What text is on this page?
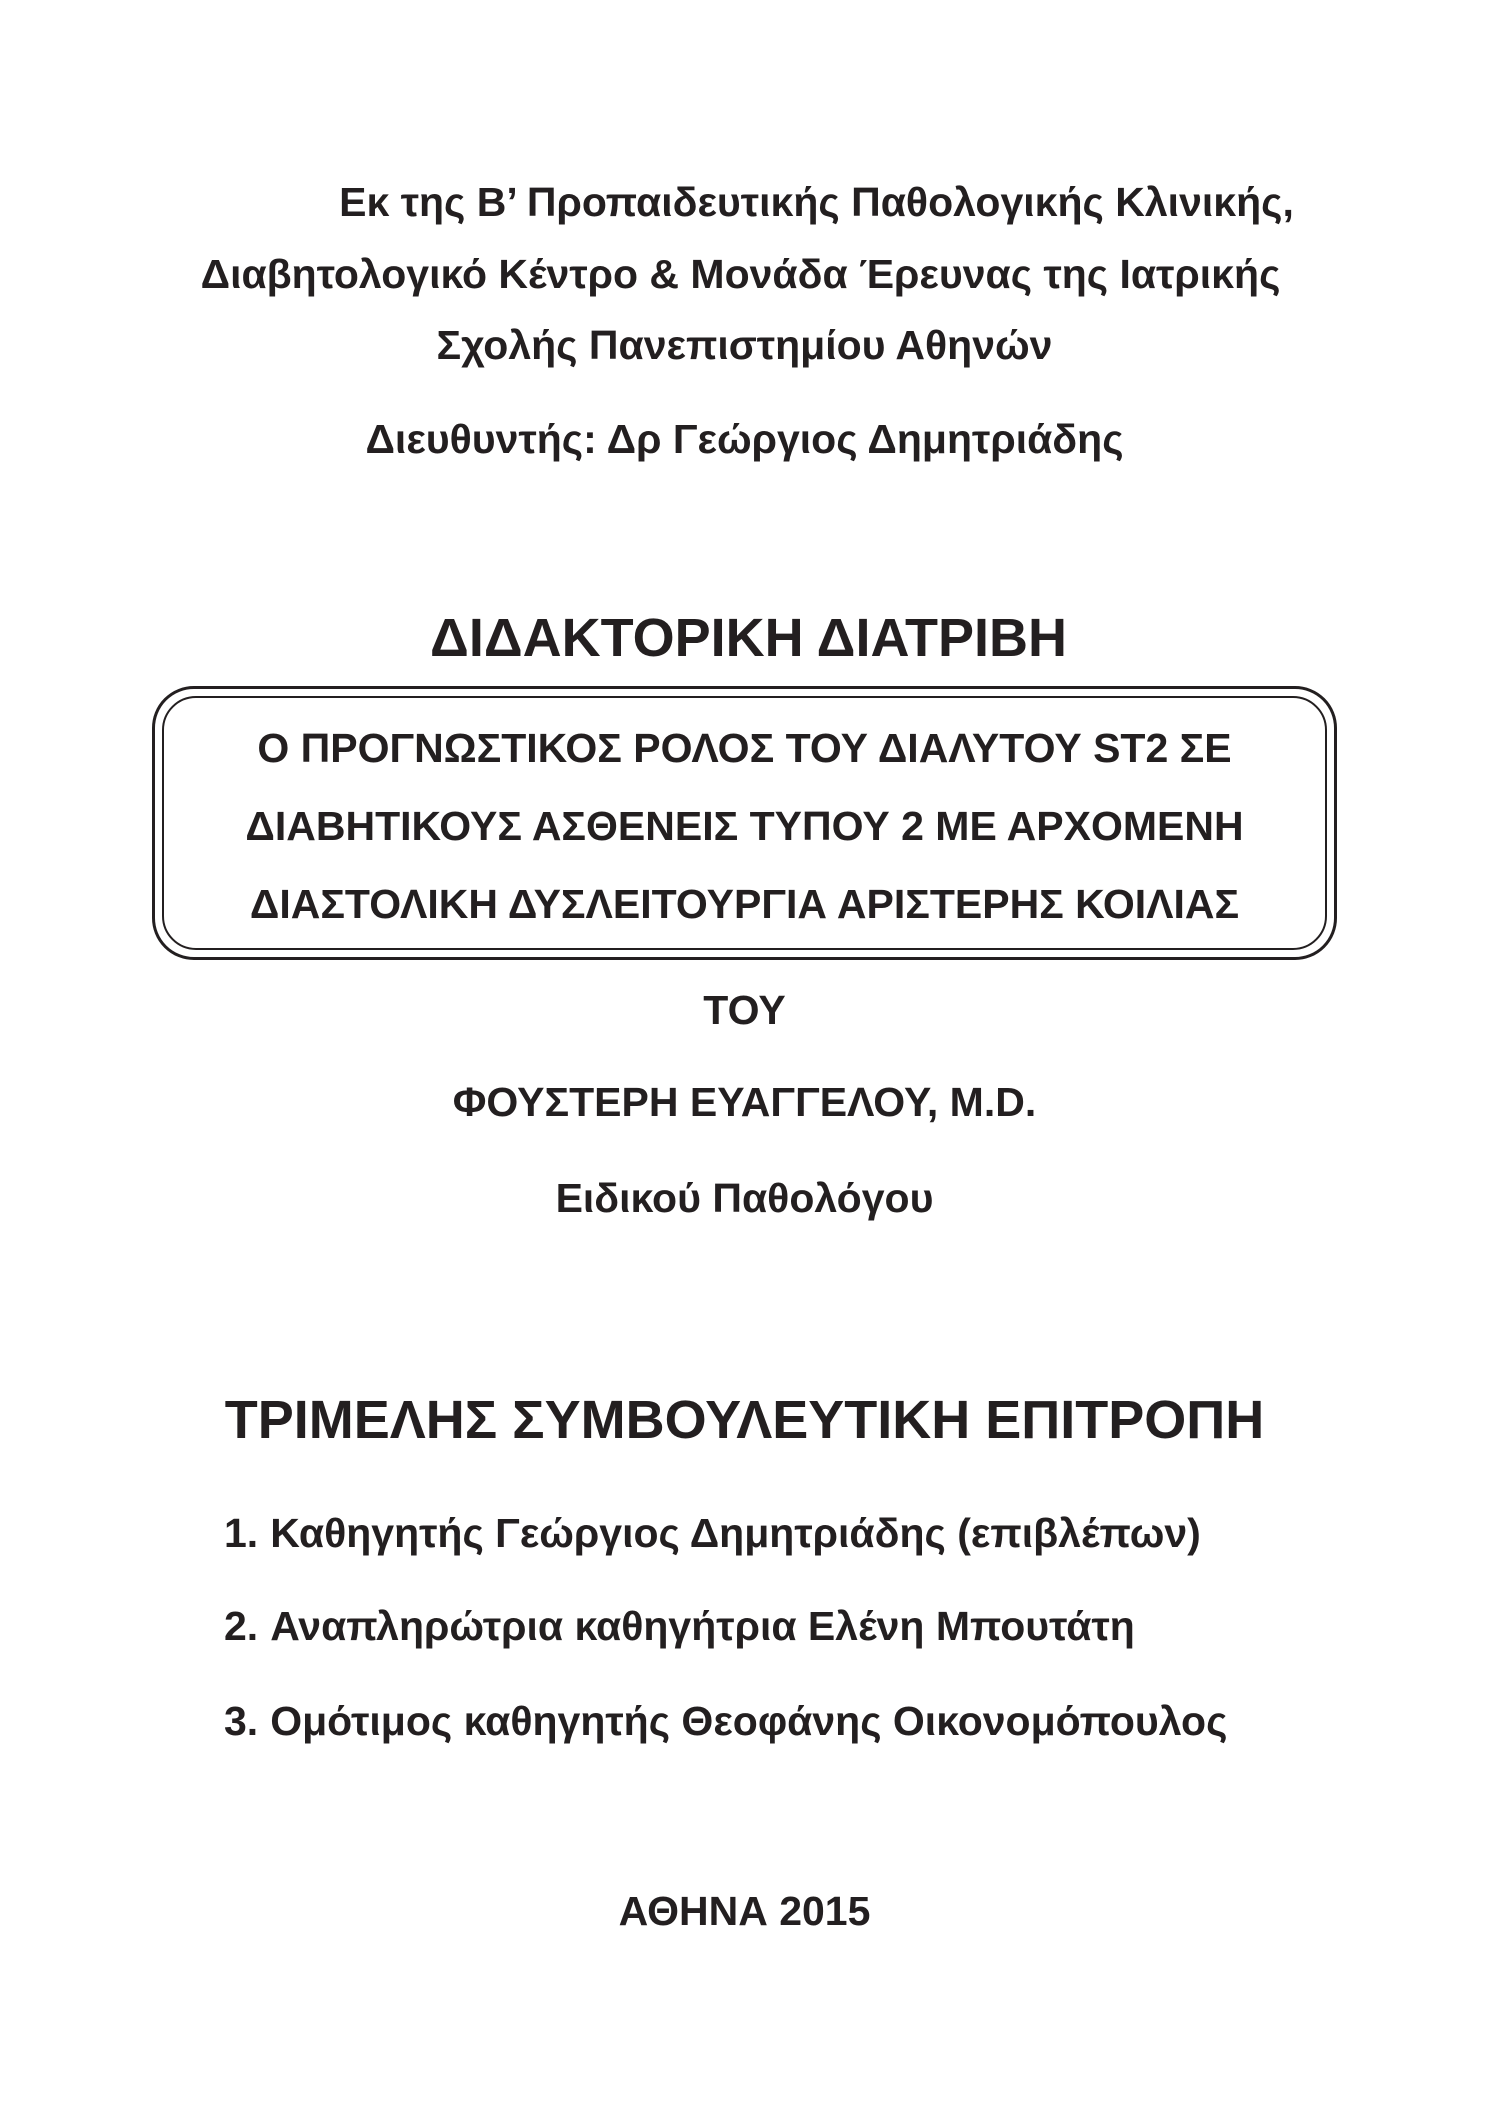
Εκ της Β’ Προπαιδευτικής Παθολογικής Κλινικής,
Διαβητολογικό Κέντρο & Μονάδα Έρευνας της Ιατρικής
Σχολής Πανεπιστημίου Αθηνών
Διευθυντής: Δρ Γεώργιος Δημητριάδης
ΔΙΔΑΚΤΟΡΙΚΗ ΔΙΑΤΡΙΒΗ
Ο ΠΡΟΓΝΩΣΤΙΚΟΣ ΡΟΛΟΣ ΤΟΥ ΔΙΑΛΥΤΟΥ ST2 ΣΕ
ΔΙΑΒΗΤΙΚΟΥΣ ΑΣΘΕΝΕΙΣ ΤΥΠΟΥ 2 ΜΕ ΑΡΧΟΜΕΝΗ
ΔΙΑΣΤΟΛΙΚΗ ΔΥΣΛΕΙΤΟΥΡΓΙΑ ΑΡΙΣΤΕΡΗΣ ΚΟΙΛΙΑΣ
ΤΟΥ
ΦΟΥΣΤΕΡΗ ΕΥΑΓΓΕΛΟΥ, M.D.
Ειδικού Παθολόγου
ΤΡΙΜΕΛΗΣ ΣΥΜΒΟΥΛΕΥΤΙΚΗ ΕΠΙΤΡΟΠΗ
1. Καθηγητής Γεώργιος Δημητριάδης (επιβλέπων)
2. Αναπληρώτρια καθηγήτρια Ελένη Μπουτάτη
3. Ομότιμος καθηγητής Θεοφάνης Οικονομόπουλος
ΑΘΗΝΑ 2015
